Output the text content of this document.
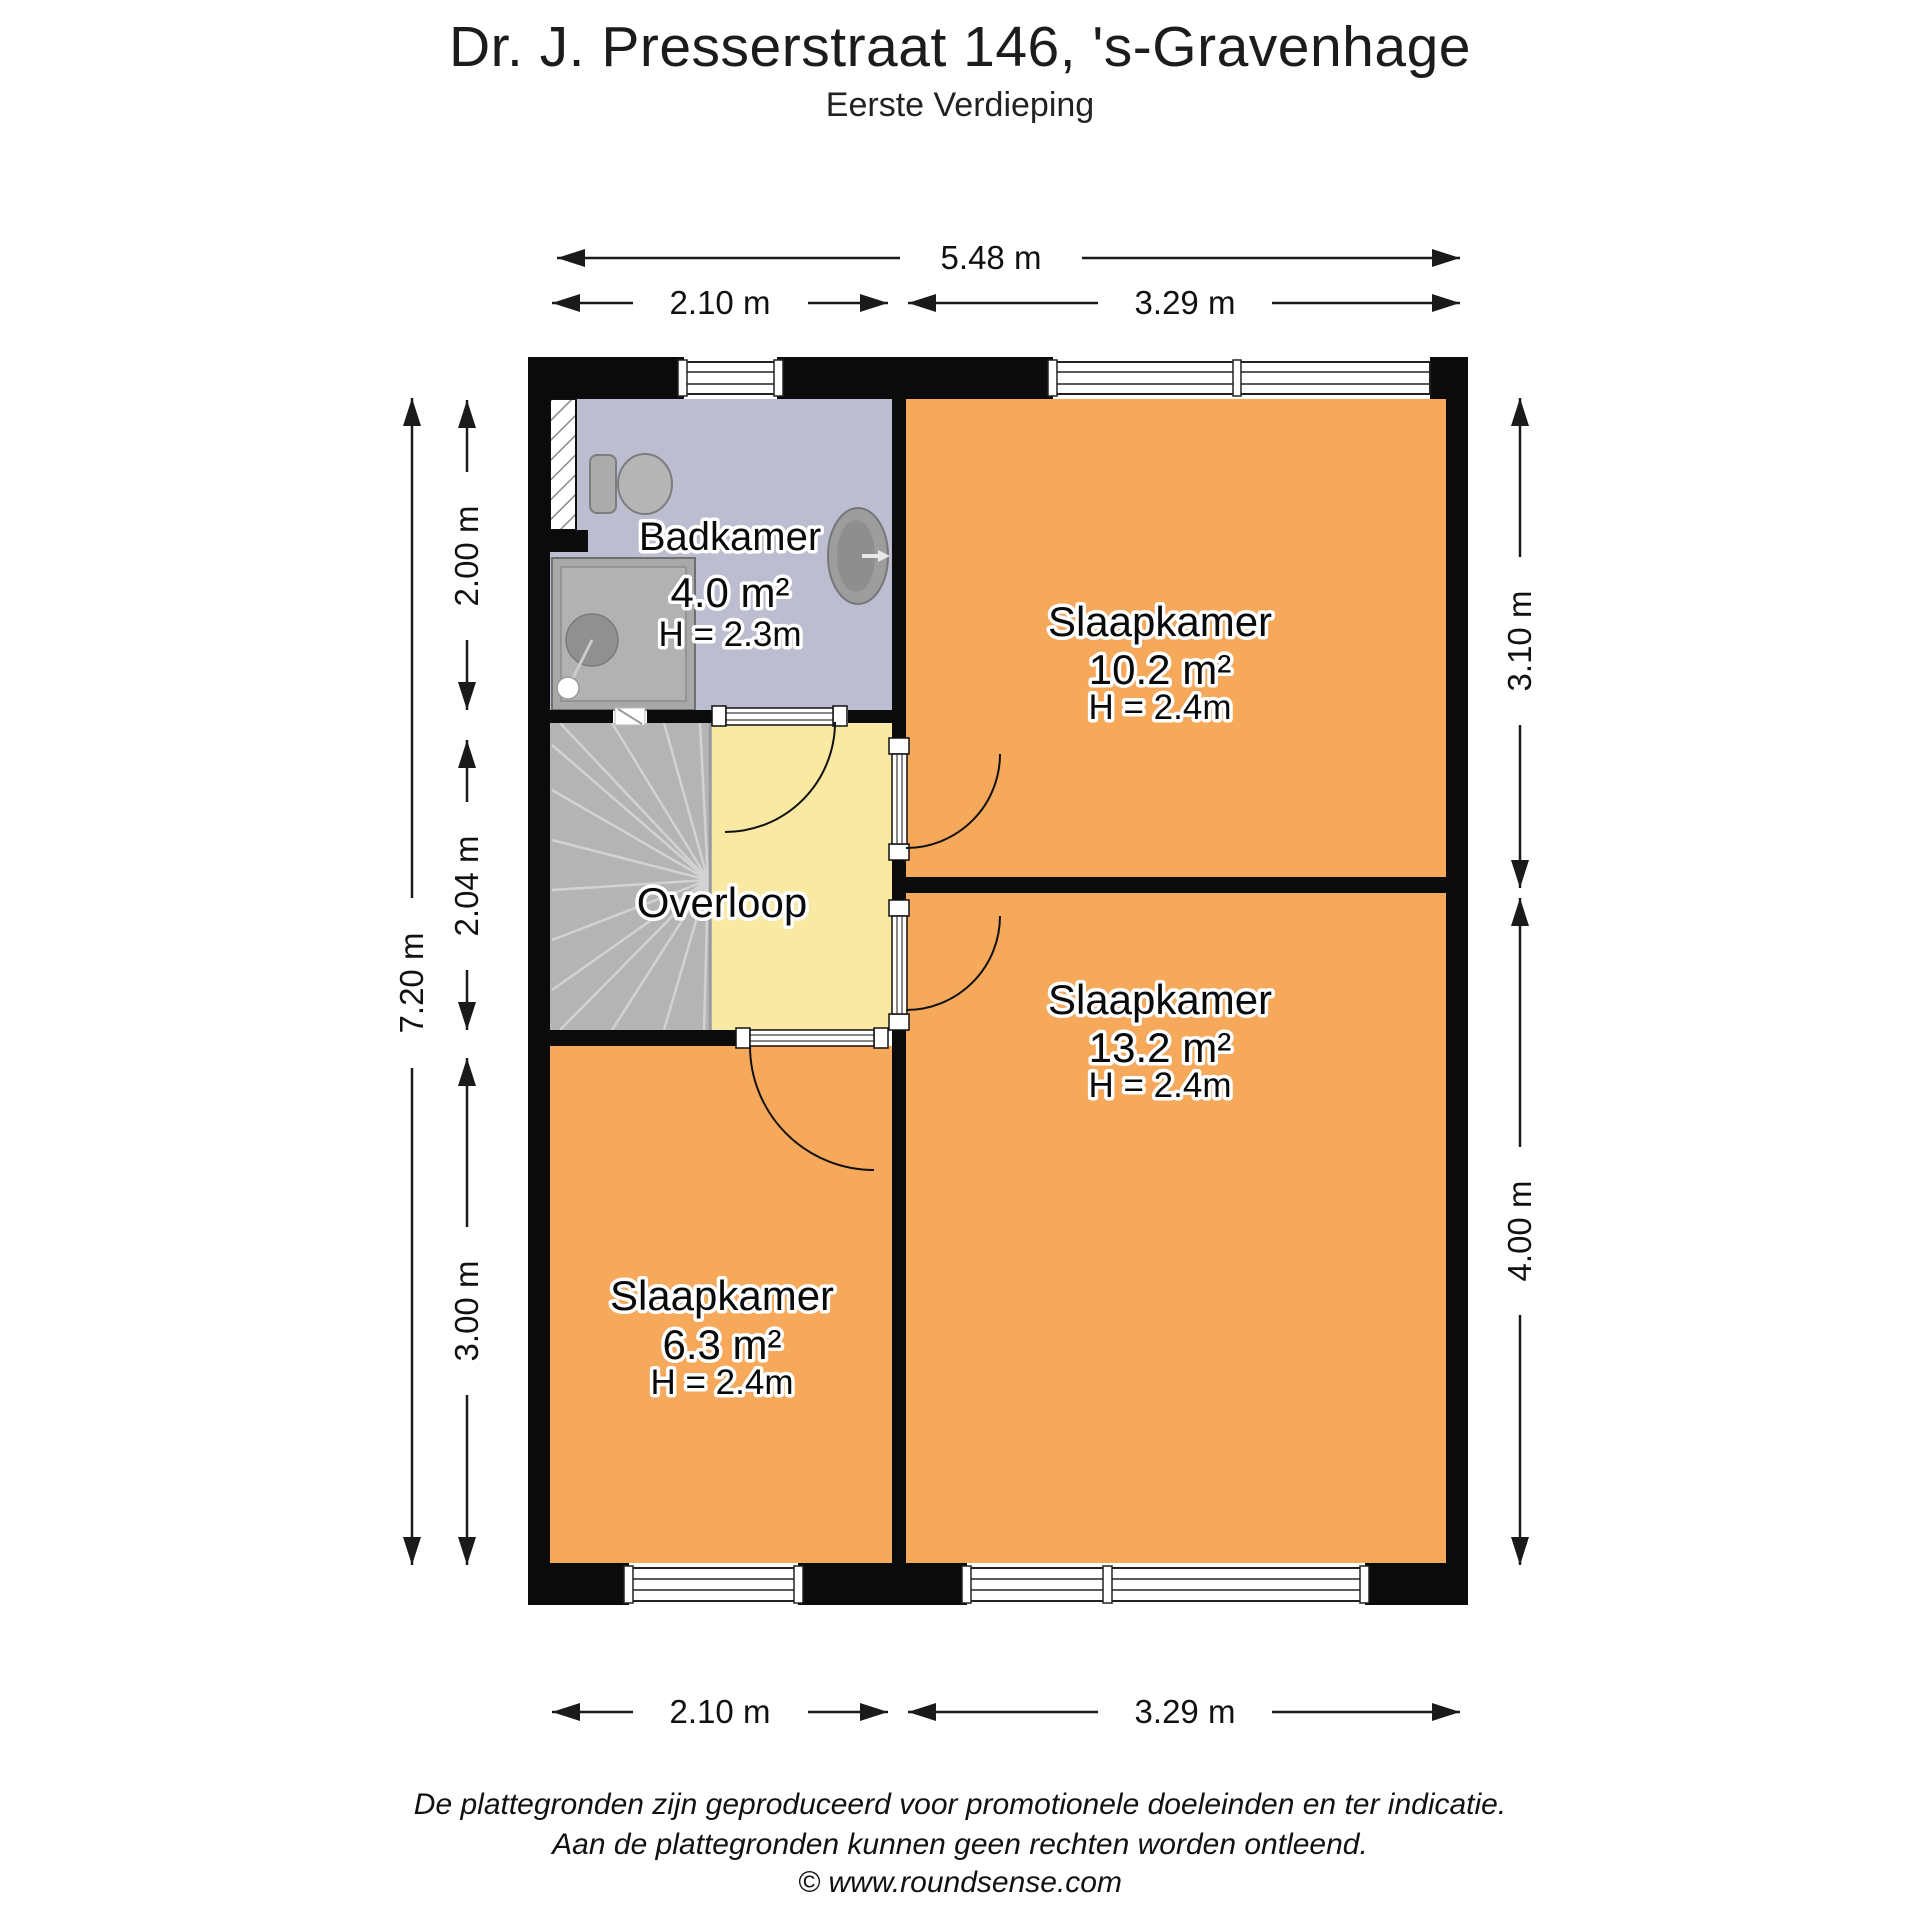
Dr. J. Presserstraat 146, 's-Gravenhage
Eerste Verdieping
Badkamer
4.0 m²
H = 2.3m	Slaapkamer
10.2 m²
H = 2.4m
Overloop
Slaapkamer
6.3 m²
H = 2.4m
Slaapkamer
13.2 m²
H = 2.4m
5.48 m
2.10 m	3.29 m
2.10 m	3.29 m
7.20 m
2.00 m
2.04 m
3.00 m
3.10 m
4.00 m
De plattegronden zijn geproduceerd voor promotionele doeleinden en ter indicatie.
Aan de plattegronden kunnen geen rechten worden ontleend.
© www.roundsense.com
